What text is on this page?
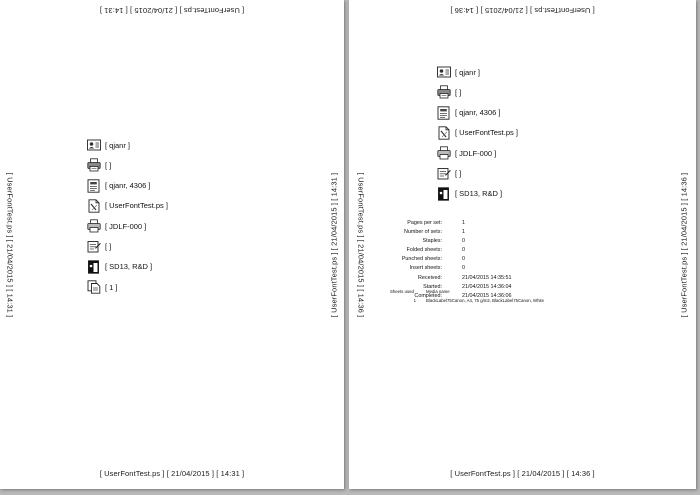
[ UserFontTest.ps ] [ 21/04/2015 ] [ 14:31 ]
[ UserFontTest.ps ] [ 21/04/2015 ] [ 14:31 ]	[ UserFontTest.ps ] [ 21/04/2015 ] [ 14:31 ]
[ UserFontTest.ps ] [ 21/04/2015 ] [ 14:31 ]
[ qjanr ]
[ ]
[ qjanr, 4306 ]
[ UserFontTest.ps ]
[ JDLF-000 ]
[ ]
[ SD13, R&D ]
[ 1 ]
[ UserFontTest.ps ] [ 21/04/2015 ] [ 14:36 ]
[ UserFontTest.ps ] [ 21/04/2015 ] [ 14:36 ]	[ UserFontTest.ps ] [ 21/04/2015 ] [ 14:36 ]
[ UserFontTest.ps ] [ 21/04/2015 ] [ 14:36 ]
[ qjanr ]
[ ]
[ qjanr, 4306 ]
[ UserFontTest.ps ]
[ JDLF-000 ]
[ ]
[ SD13, R&D ]
Pages per set:	1
Number of sets:	1
Staples:	0
Folded sheets:	0
Punched sheets:	0
Insert sheets:	0
Received:	21/04/2015 14:35:51
Started:	21/04/2015 14:36:04
Completed:	21/04/2015 14:36:06
Sheets used	Media name
1	BlackLabel75Canon, A4, 75 g/m2, BlackLabel75Canon, White
